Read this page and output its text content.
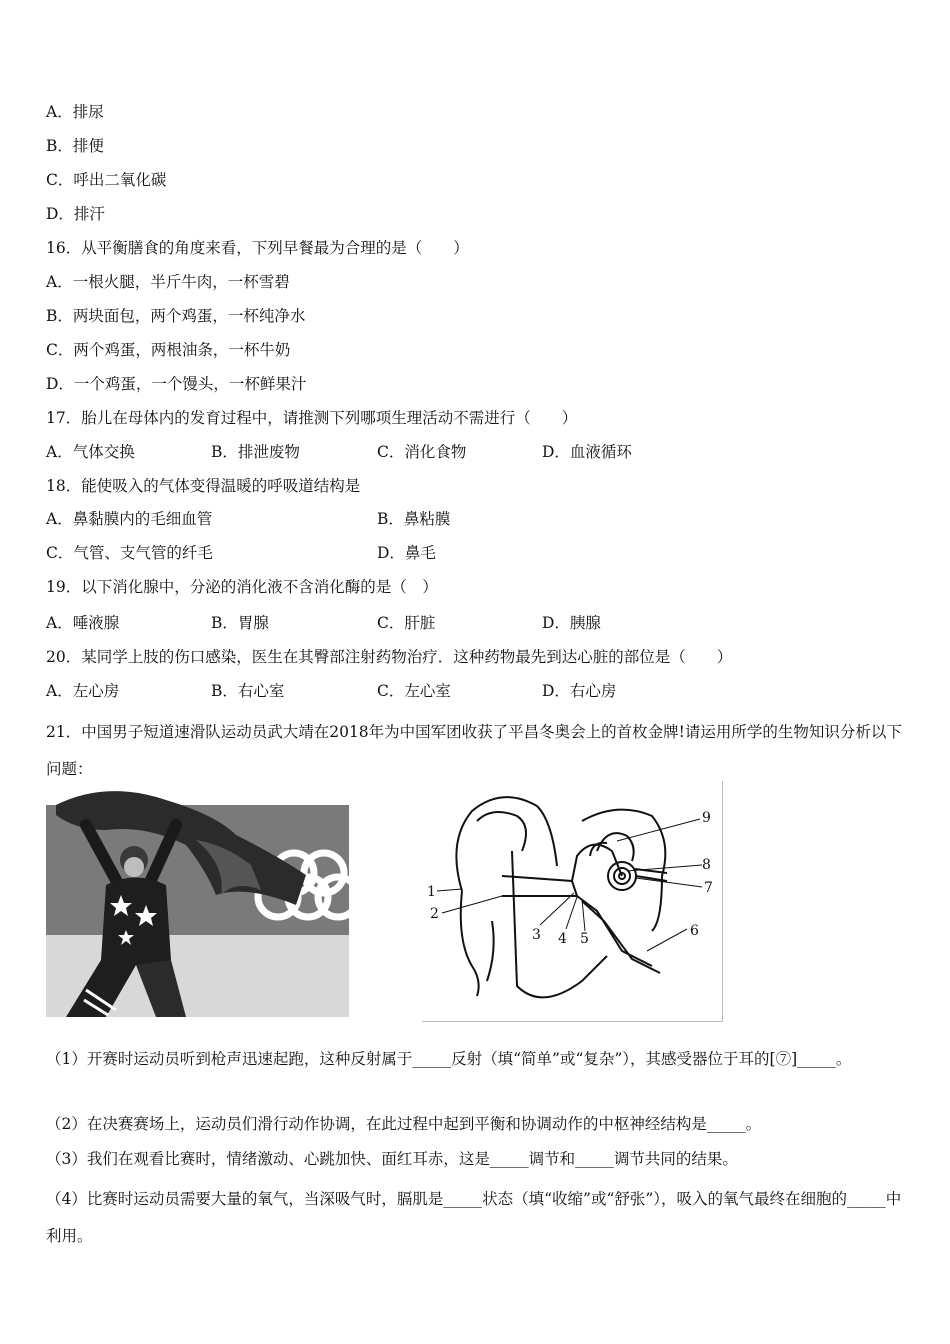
A．排尿
B．排便
C．呼出二氧化碳
D．排汗
16．从平衡膳食的角度来看，下列早餐最为合理的是（　　）
A．一根火腿，半斤牛肉，一杯雪碧
B．两块面包，两个鸡蛋，一杯纯净水
C．两个鸡蛋，两根油条，一杯牛奶
D．一个鸡蛋，一个馒头，一杯鲜果汁
17．胎儿在母体内的发育过程中，请推测下列哪项生理活动不需进行（　　）
A．气体交换	B．排泄废物	C．消化食物	D．血液循环
18．能使吸入的气体变得温暖的呼吸道结构是
A．鼻黏膜内的毛细血管	B．鼻粘膜
C．气管、支气管的纤毛	D．鼻毛
19．以下消化腺中，分泌的消化液不含消化酶的是（　）
A．唾液腺	B．胃腺	C．肝脏	D．胰腺
20．某同学上肢的伤口感染，医生在其臀部注射药物治疗．这种药物最先到达心脏的部位是（　　）
A．左心房	B．右心室	C．左心室	D．右心房
21．中国男子短道速滑队运动员武大靖在2018年为中国军团收获了平昌冬奥会上的首枚金牌!请运用所学的生物知识分析以下问题：
1
2
3 4 5	6
7
8
9
（1）开赛时运动员听到枪声迅速起跑，这种反射属于_____反射（填“简单”或“复杂”），其感受器位于耳的[⑦]_____。
（2）在决赛赛场上，运动员们滑行动作协调，在此过程中起到平衡和协调动作的中枢神经结构是_____。
（3）我们在观看比赛时，情绪激动、心跳加快、面红耳赤，这是_____调节和_____调节共同的结果。
（4）比赛时运动员需要大量的氧气，当深吸气时，膈肌是_____状态（填“收缩”或“舒张”），吸入的氧气最终在细胞的_____中利用。
